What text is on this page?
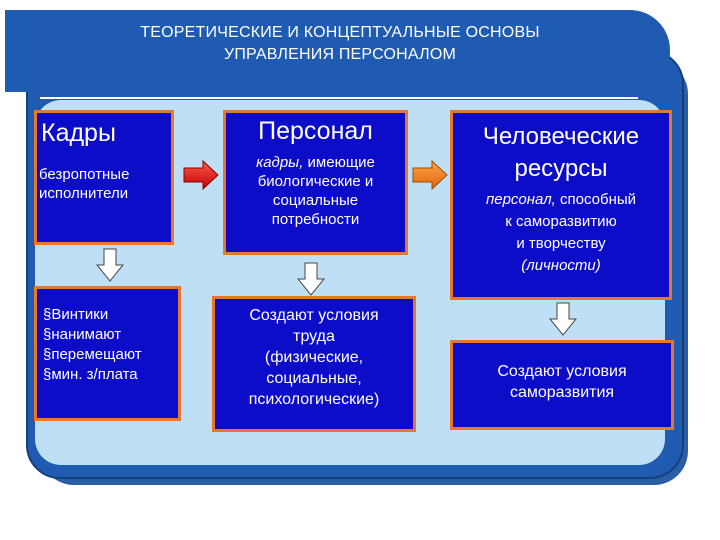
ТЕОРЕТИЧЕСКИЕ И КОНЦЕПТУАЛЬНЫЕ ОСНОВЫ
УПРАВЛЕНИЯ ПЕРСОНАЛОМ
Кадры
безропотные
исполнители
Персонал
кадры, имеющие
биологические и
социальные
потребности
Человеческие
ресурсы
персонал, способный
к саморазвитию
и творчеству
(личности)
§Винтики
§нанимают
§перемещают
§мин. з/плата
Создают условия
труда
(физические,
социальные,
психологические)
Создают условия
саморазвития
